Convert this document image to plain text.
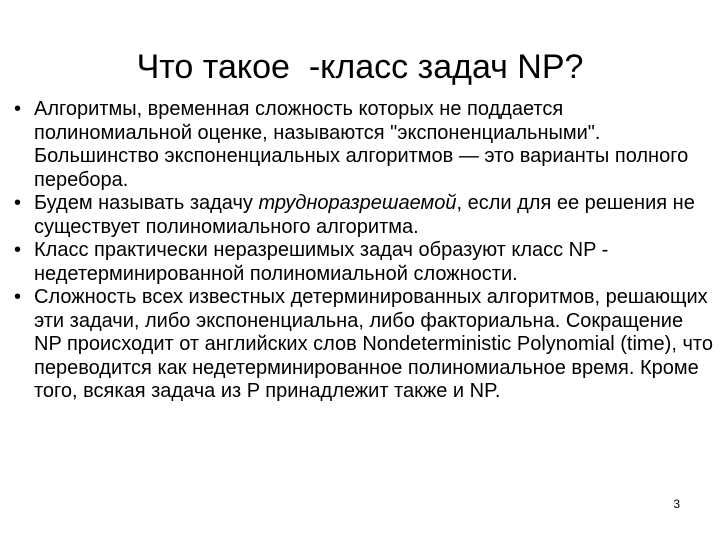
Что такое  -класс задач NP?
•
Алгоритмы, временная сложность которых не поддается полиномиальной оценке, называются "экспоненциальными". Большинство экспоненциальных алгоритмов — это варианты полного перебора.
•
Будем называть задачу трудноразрешаемой, если для ее решения не существует полиномиального алгоритма.
•
Класс практически неразрешимых задач образуют класс NP - недетерминированной полиномиальной сложности.
•
Сложность всех известных детерминированных алгоритмов, решающих эти задачи, либо экспоненциальна, либо факториальна. Сокращение NP происходит от английских слов Nondeterministic Polynomial (time), что переводится как недетерминированное полиномиальное время. Кроме того, всякая задача из P принадлежит также и NP.
3
